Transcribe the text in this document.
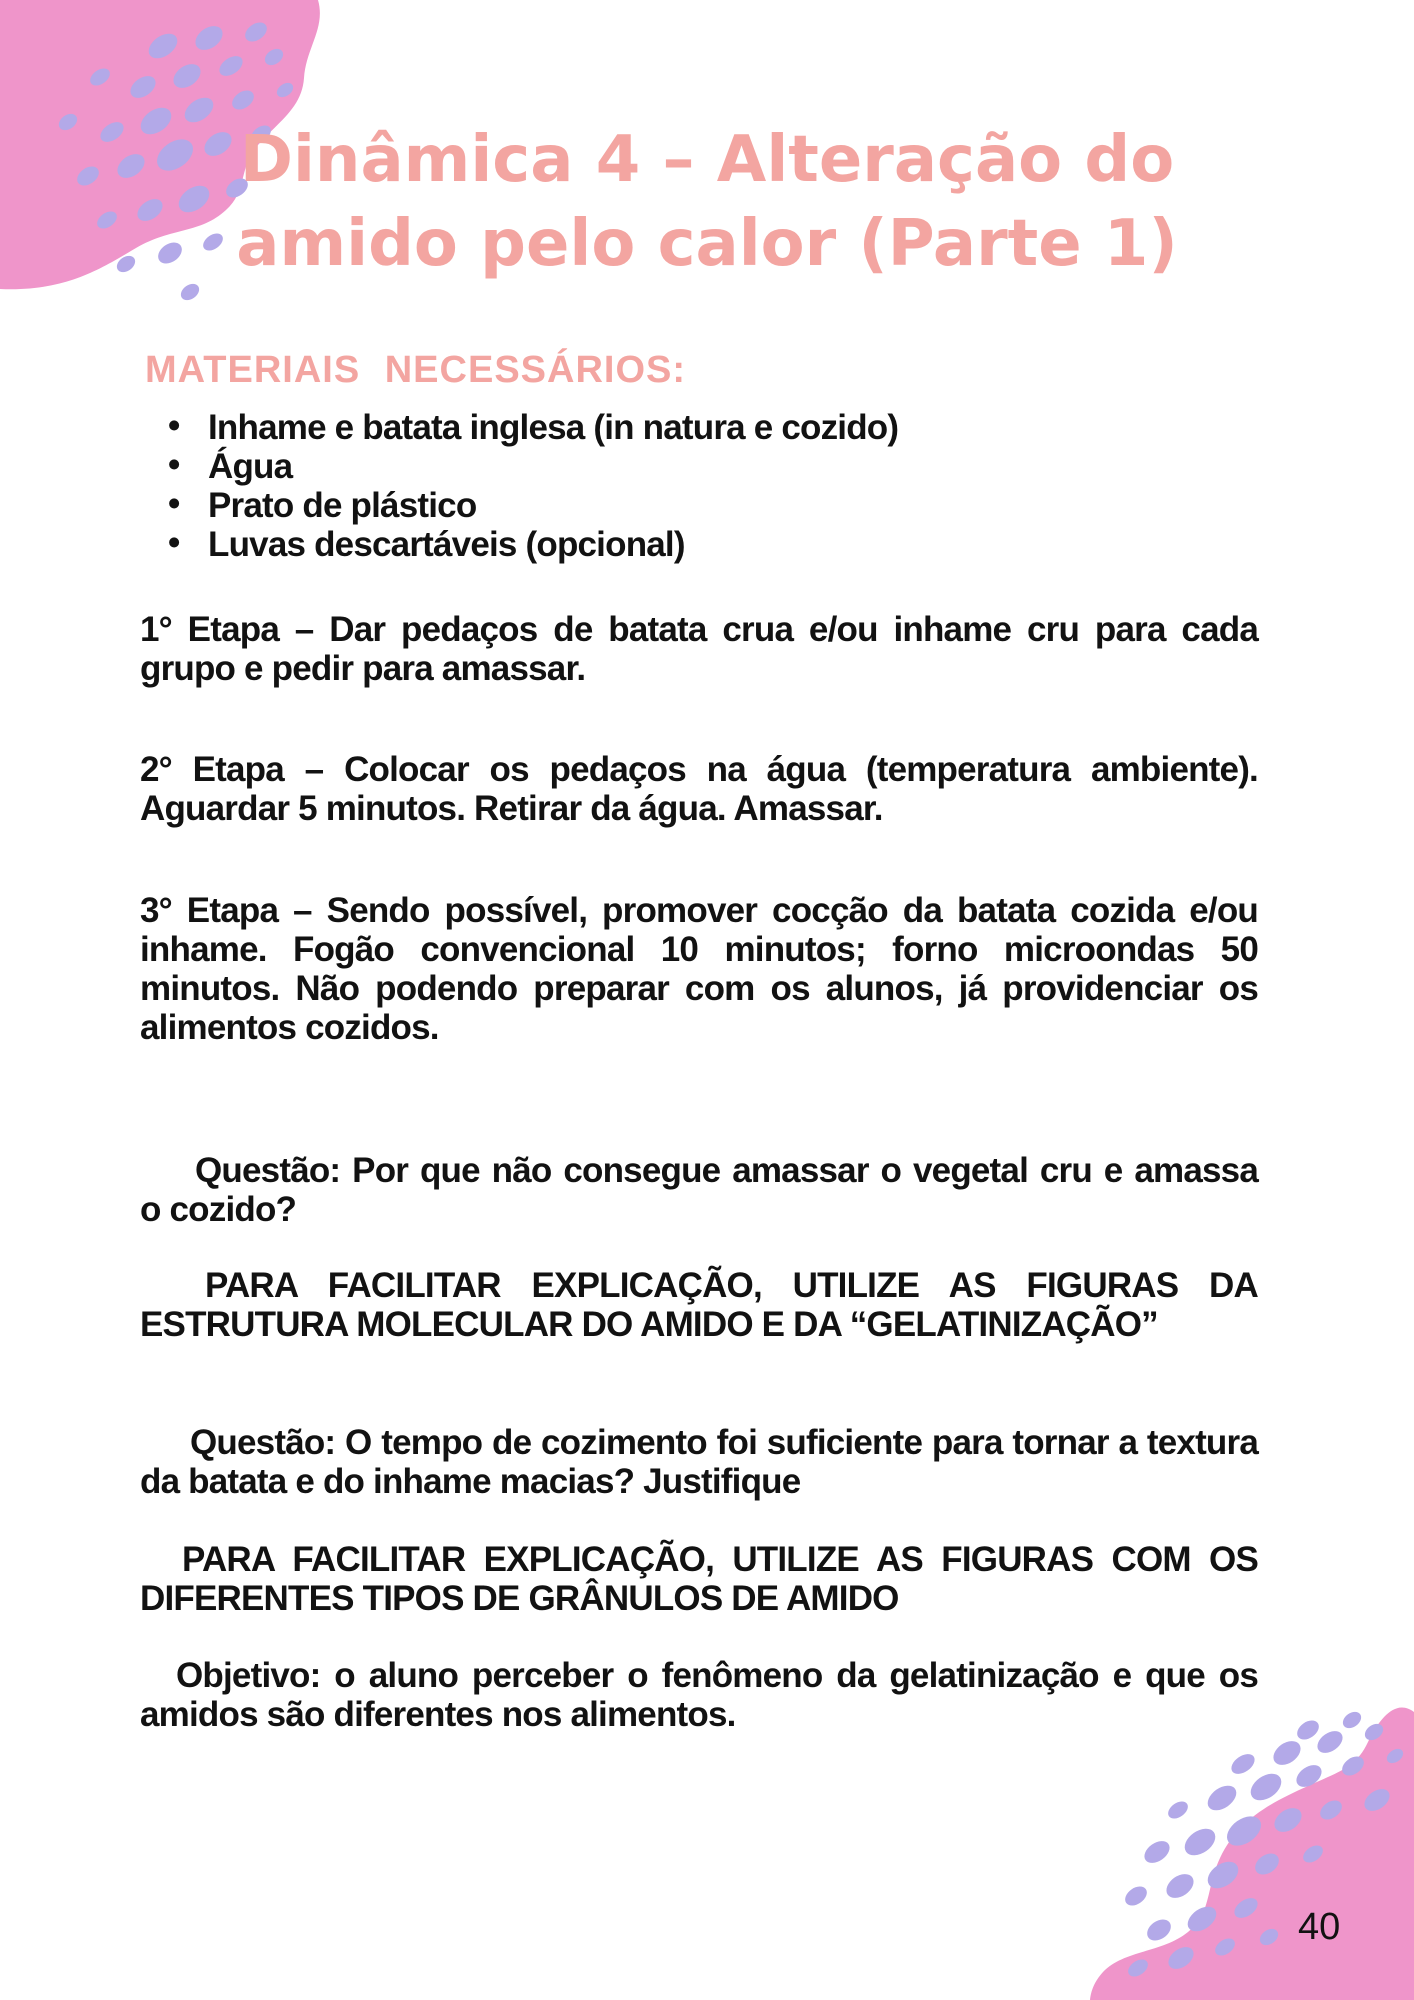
Dinâmica 4 – Alteração do
amido pelo calor (Parte 1)
MATERIAIS NECESSÁRIOS:
• Inhame e batata inglesa (in natura e cozido)
• Água
• Prato de plástico
• Luvas descartáveis (opcional)

1° Etapa – Dar pedaços de batata crua e/ou inhame cru para cada grupo e pedir para amassar.

2° Etapa – Colocar os pedaços na água (temperatura ambiente). Aguardar 5 minutos. Retirar da água. Amassar.

3° Etapa – Sendo possível, promover cocção da batata cozida e/ou inhame. Fogão convencional 10 minutos; forno microondas 50 minutos. Não podendo preparar com os alunos, já providenciar os alimentos cozidos.

Questão: Por que não consegue amassar o vegetal cru e amassa o cozido?

PARA FACILITAR EXPLICAÇÃO, UTILIZE AS FIGURAS DA ESTRUTURA MOLECULAR DO AMIDO E DA “GELATINIZAÇÃO”

Questão: O tempo de cozimento foi suficiente para tornar a textura da batata e do inhame macias? Justifique

PARA FACILITAR EXPLICAÇÃO, UTILIZE AS FIGURAS COM OS DIFERENTES TIPOS DE GRÂNULOS DE AMIDO

Objetivo: o aluno perceber o fenômeno da gelatinização e que os amidos são diferentes nos alimentos.

40
